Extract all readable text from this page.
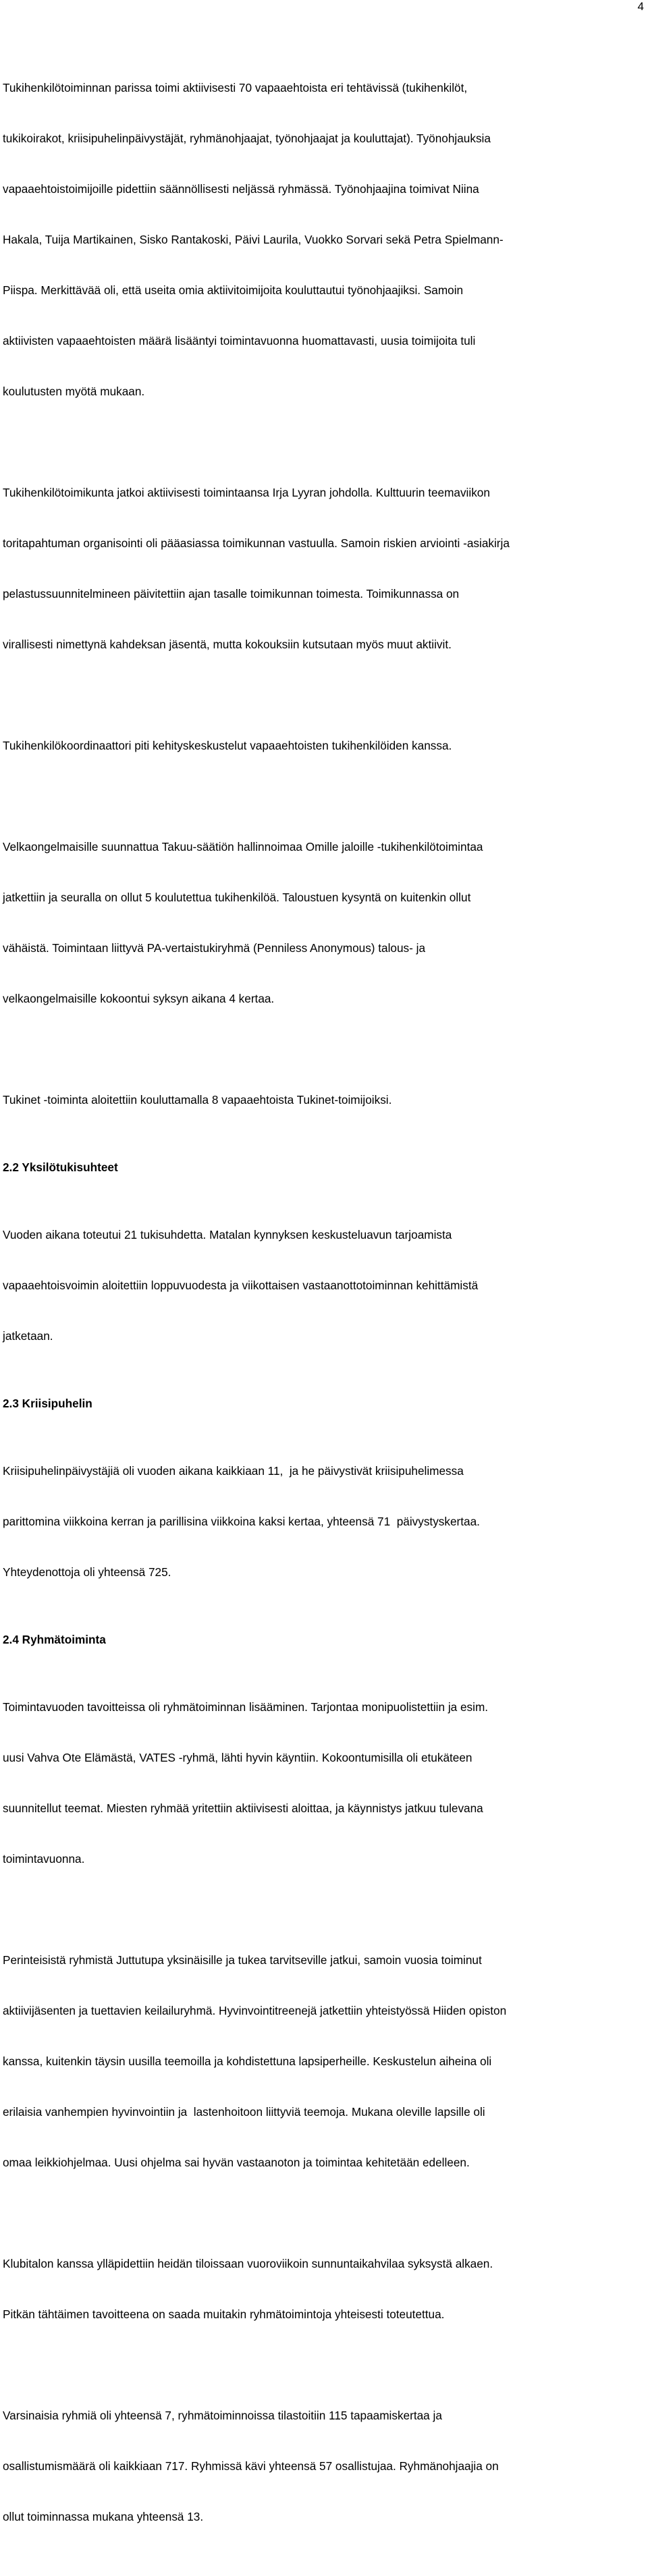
4

Tukihenkilötoiminnan parissa toimi aktiivisesti 70 vapaaehtoista eri tehtävissä (tukihenkilöt,

tukikoirakot, kriisipuhelinpäivystäjät, ryhmänohjaajat, työnohjaajat ja kouluttajat). Työnohjauksia

vapaaehtoistoimijoille pidettiin säännöllisesti neljässä ryhmässä. Työnohjaajina toimivat Niina

Hakala, Tuija Martikainen, Sisko Rantakoski, Päivi Laurila, Vuokko Sorvari sekä Petra Spielmann-

Piispa. Merkittävää oli, että useita omia aktiivitoimijoita kouluttautui työnohjaajiksi. Samoin

aktiivisten vapaaehtoisten määrä lisääntyi toimintavuonna huomattavasti, uusia toimijoita tuli

koulutusten myötä mukaan.

Tukihenkilötoimikunta jatkoi aktiivisesti toimintaansa Irja Lyyran johdolla. Kulttuurin teemaviikon

toritapahtuman organisointi oli pääasiassa toimikunnan vastuulla. Samoin riskien arviointi -asiakirja

pelastussuunnitelmineen päivitettiin ajan tasalle toimikunnan toimesta. Toimikunnassa on

virallisesti nimettynä kahdeksan jäsentä, mutta kokouksiin kutsutaan myös muut aktiivit.

Tukihenkilökoordinaattori piti kehityskeskustelut vapaaehtoisten tukihenkilöiden kanssa.

Velkaongelmaisille suunnattua Takuu-säätiön hallinnoimaa Omille jaloille -tukihenkilötoimintaa

jatkettiin ja seuralla on ollut 5 koulutettua tukihenkilöä. Taloustuen kysyntä on kuitenkin ollut

vähäistä. Toimintaan liittyvä PA-vertaistukiryhmä (Penniless Anonymous) talous- ja

velkaongelmaisille kokoontui syksyn aikana 4 kertaa.

Tukinet -toiminta aloitettiin kouluttamalla 8 vapaaehtoista Tukinet-toimijoiksi.

2.2 Yksilötukisuhteet

Vuoden aikana toteutui 21 tukisuhdetta. Matalan kynnyksen keskusteluavun tarjoamista

vapaaehtoisvoimin aloitettiin loppuvuodesta ja viikottaisen vastaanottotoiminnan kehittämistä

jatketaan.

2.3 Kriisipuhelin

Kriisipuhelinpäivystäjiä oli vuoden aikana kaikkiaan 11,  ja he päivystivät kriisipuhelimessa

parittomina viikkoina kerran ja parillisina viikkoina kaksi kertaa, yhteensä 71  päivystyskertaa.

Yhteydenottoja oli yhteensä 725.

2.4 Ryhmätoiminta

Toimintavuoden tavoitteissa oli ryhmätoiminnan lisääminen. Tarjontaa monipuolistettiin ja esim.

uusi Vahva Ote Elämästä, VATES -ryhmä, lähti hyvin käyntiin. Kokoontumisilla oli etukäteen

suunnitellut teemat. Miesten ryhmää yritettiin aktiivisesti aloittaa, ja käynnistys jatkuu tulevana

toimintavuonna.

Perinteisistä ryhmistä Juttutupa yksinäisille ja tukea tarvitseville jatkui, samoin vuosia toiminut

aktiivijäsenten ja tuettavien keilailuryhmä. Hyvinvointitreenejä jatkettiin yhteistyössä Hiiden opiston

kanssa, kuitenkin täysin uusilla teemoilla ja kohdistettuna lapsiperheille. Keskustelun aiheina oli

erilaisia vanhempien hyvinvointiin ja  lastenhoitoon liittyviä teemoja. Mukana oleville lapsille oli

omaa leikkiohjelmaa. Uusi ohjelma sai hyvän vastaanoton ja toimintaa kehitetään edelleen.

Klubitalon kanssa ylläpidettiin heidän tiloissaan vuoroviikoin sunnuntaikahvilaa syksystä alkaen.

Pitkän tähtäimen tavoitteena on saada muitakin ryhmätoimintoja yhteisesti toteutettua.

Varsinaisia ryhmiä oli yhteensä 7, ryhmätoiminnoissa tilastoitiin 115 tapaamiskertaa ja

osallistumismäärä oli kaikkiaan 717. Ryhmissä kävi yhteensä 57 osallistujaa. Ryhmänohjaajia on

ollut toiminnassa mukana yhteensä 13.
